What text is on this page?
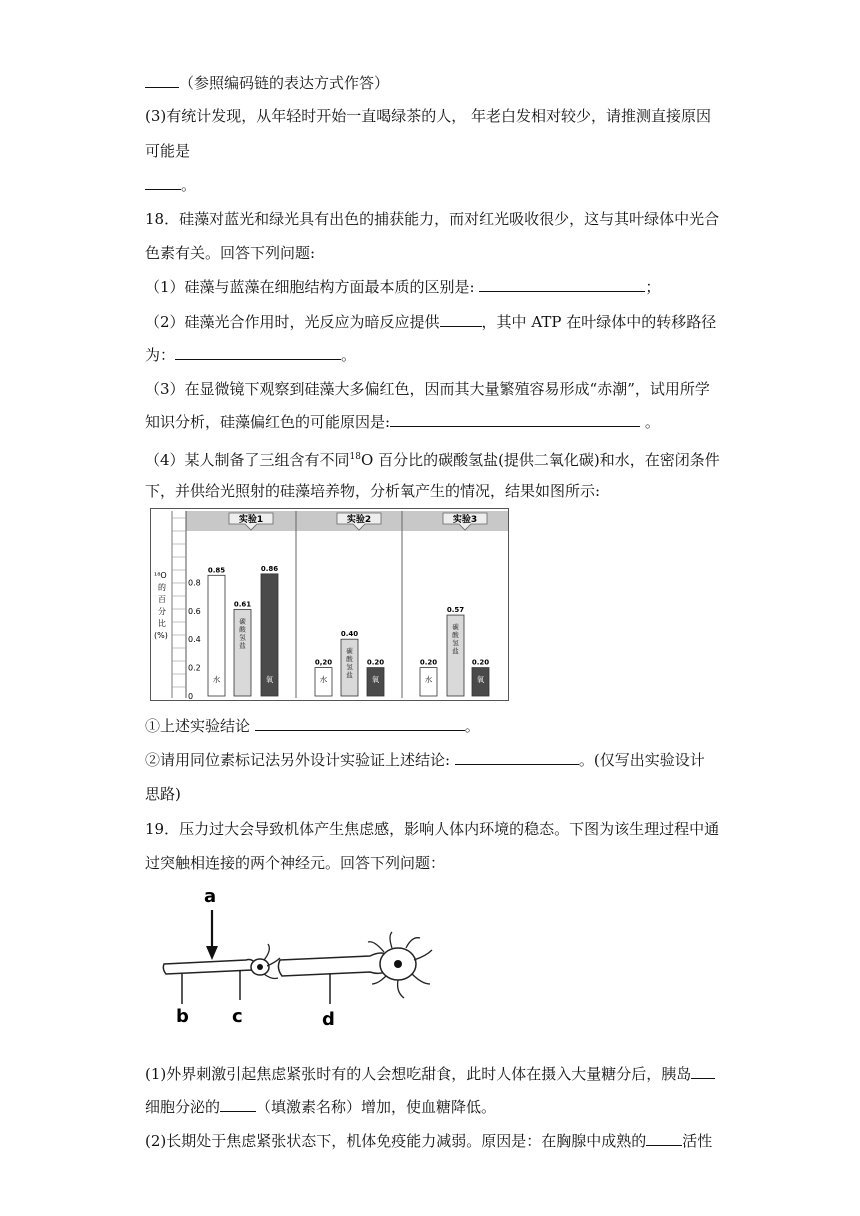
（参照编码链的表达方式作答）
(3)有统计发现，从年轻时开始一直喝绿茶的人， 年老白发相对较少，请推测直接原因
可能是
。
18．硅藻对蓝光和绿光具有出色的捕获能力，而对红光吸收很少，这与其叶绿体中光合
色素有关。回答下列问题:
（1）硅藻与蓝藻在细胞结构方面最本质的区别是:	；
（2）硅藻光合作用时，光反应为暗反应提供	，其中 ATP 在叶绿体中的转移路径
为：	。
（3）在显微镜下观察到硅藻大多偏红色，因而其大量繁殖容易形成“赤潮”，试用所学
知识分析，硅藻偏红色的可能原因是:	。
（4）某人制备了三组含有不同$^{18}$O 百分比的碳酸氢盐(提供二氧化碳)和水，在密闭条件
下，并供给光照射的硅藻培养物，分析氧产生的情况，结果如图所示:
实验1	实验2	实验3
0.8
0.6
0.4
0.2
0
¹⁸O 的百分比(%)
0.85
水
0.61
碳
酸
氢
盐
0.86
氧
0,20
水
0.40
碳
酸
氢
盐
0.20
氧
0.20
水
0.57
碳
酸
氢
盐
0.20
氧
①上述实验结论	。
②请用同位素标记法另外设计实验证上述结论:	。(仅写出实验设计
思路)
19．压力过大会导致机体产生焦虑感，影响人体内环境的稳态。下图为该生理过程中通
过突触相连接的两个神经元。回答下列问题：
a
b c	d
(1)外界刺激引起焦虑紧张时有的人会想吃甜食，此时人体在摄入大量糖分后，胰岛
细胞分泌的 （填激素名称）增加，使血糖降低。
(2)长期处于焦虑紧张状态下，机体免疫能力减弱。原因是：在胸腺中成熟的 活性
